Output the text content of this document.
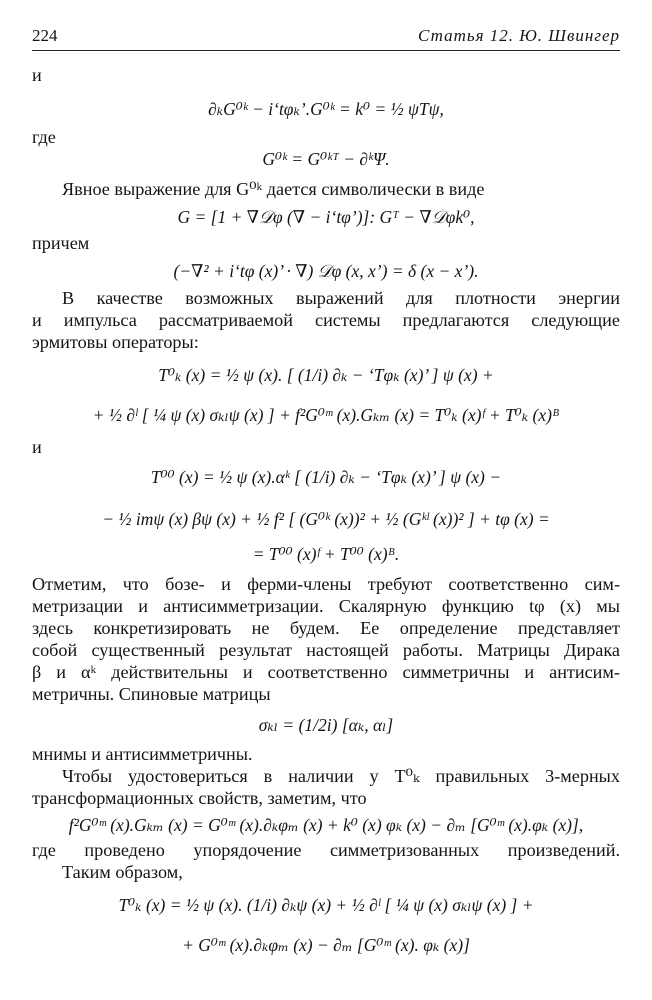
224	Статья 12. Ю. Швингер
и
∂ₖG⁰ᵏ − i‘tφₖ’.G⁰ᵏ = k⁰ = ½ ψTψ,
где
G⁰ᵏ = G⁰ᵏᵀ − ∂ᵏΨ.
Явное выражение для G⁰ᵏ дается символически в виде
G = [1 + ∇𝒟φ (∇ − i‘tφ’)]: Gᵀ − ∇𝒟φk⁰,
причем
(−∇² + i‘tφ (x)’ · ∇) 𝒟φ (x, x’) = δ (x − x’).
В качестве возможных выражений для плотности энергии
и импульса рассматриваемой системы предлагаются следующие
эрмитовы операторы:
T⁰ₖ (x) = ½ ψ (x). [ (1/i) ∂ₖ − ‘Tφₖ (x)’ ] ψ (x) +
+ ½ ∂ˡ [ ¼ ψ (x) σₖₗψ (x) ] + f²G⁰ᵐ (x).Gₖₘ (x) = T⁰ₖ (x)ᶠ + T⁰ₖ (x)ᴮ
и
T⁰⁰ (x) = ½ ψ (x).αᵏ [ (1/i) ∂ₖ − ‘Tφₖ (x)’ ] ψ (x) −
− ½ imψ (x) βψ (x) + ½ f² [ (G⁰ᵏ (x))² + ½ (Gᵏˡ (x))² ] + tφ (x) =
= T⁰⁰ (x)ᶠ + T⁰⁰ (x)ᴮ.
Отметим, что бозе- и ферми-члены требуют соответственно сим-
метризации и антисимметризации. Скалярную функцию tφ (x) мы
здесь конкретизировать не будем. Ее определение представляет
собой существенный результат настоящей работы. Матрицы Дирака
β и αᵏ действительны и соответственно симметричны и антисим-
метричны. Спиновые матрицы
σₖₗ = (1/2i) [αₖ, αₗ]
мнимы и антисимметричны.
Чтобы удостовериться в наличии у T⁰ₖ правильных 3-мерных
трансформационных свойств, заметим, что
f²G⁰ᵐ (x).Gₖₘ (x) = G⁰ᵐ (x).∂ₖφₘ (x) + k⁰ (x) φₖ (x) − ∂ₘ [G⁰ᵐ (x).φₖ (x)],
где проведено упорядочение симметризованных произведений.
Таким образом,
T⁰ₖ (x) = ½ ψ (x). (1/i) ∂ₖψ (x) + ½ ∂ˡ [ ¼ ψ (x) σₖₗψ (x) ] +
+ G⁰ᵐ (x).∂ₖφₘ (x) − ∂ₘ [G⁰ᵐ (x). φₖ (x)]
